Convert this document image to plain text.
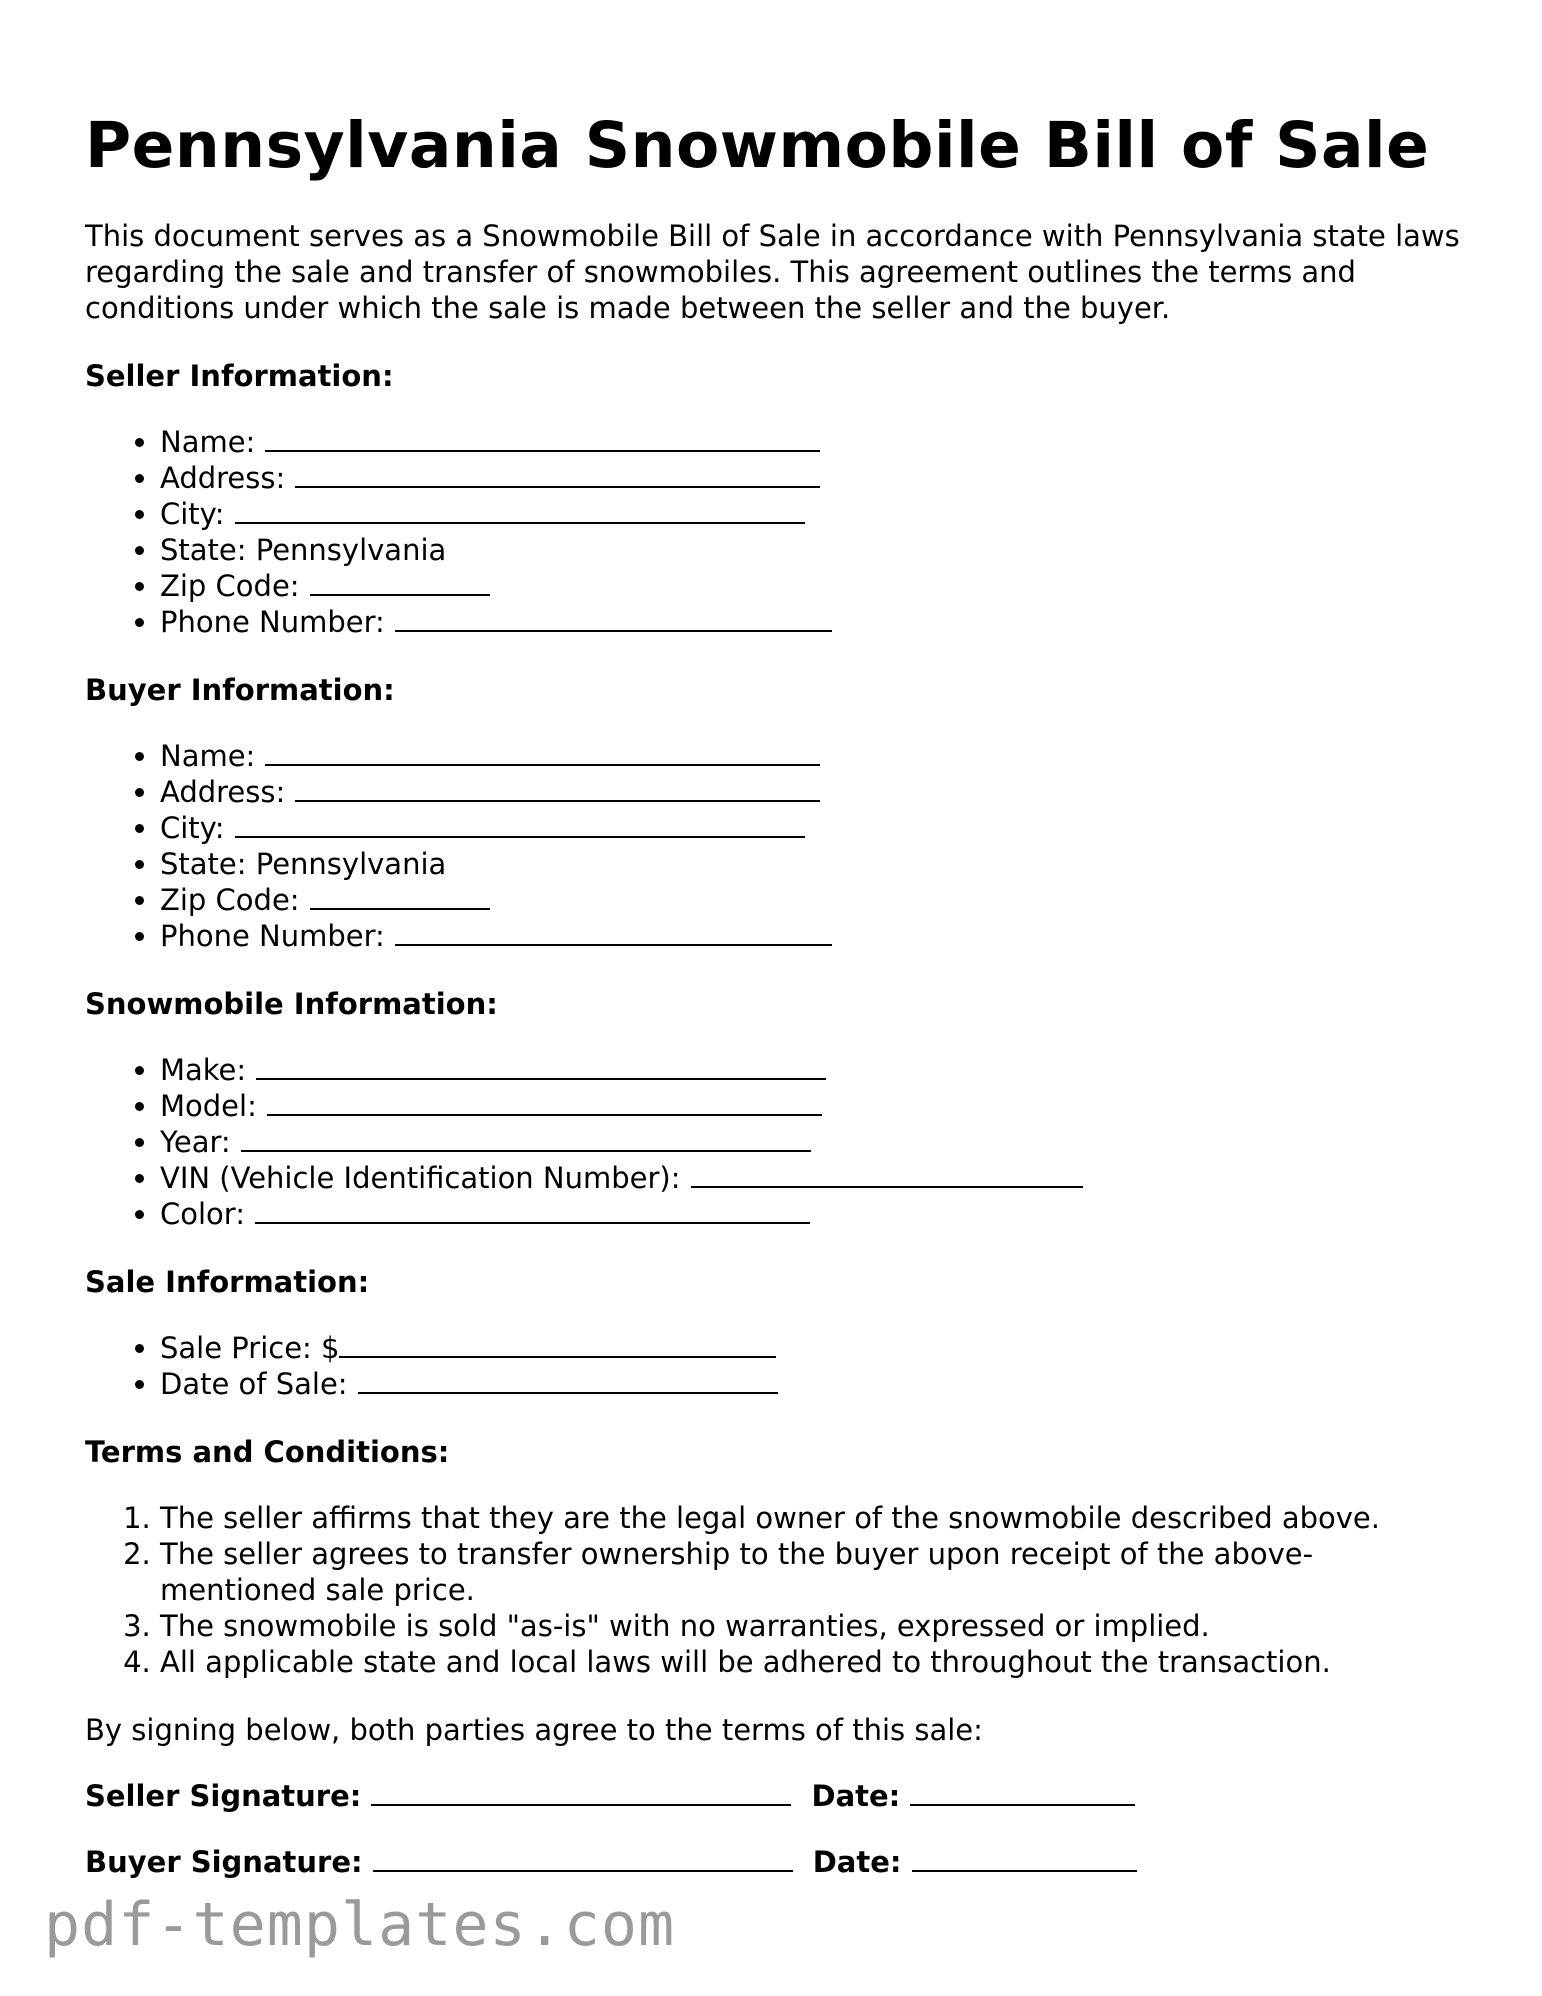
Pennsylvania Snowmobile Bill of Sale

This document serves as a Snowmobile Bill of Sale in accordance with Pennsylvania state laws regarding the sale and transfer of snowmobiles. This agreement outlines the terms and conditions under which the sale is made between the seller and the buyer.

Seller Information:
• Name:
• Address:
• City:
• State: Pennsylvania
• Zip Code:
• Phone Number:
Buyer Information:
• Name:
• Address:
• City:
• State: Pennsylvania
• Zip Code:
• Phone Number:
Snowmobile Information:
• Make:
• Model:
• Year:
• VIN (Vehicle Identification Number):
• Color:
Sale Information:
• Sale Price: $
• Date of Sale:
Terms and Conditions:
1. The seller affirms that they are the legal owner of the snowmobile described above.
2. The seller agrees to transfer ownership to the buyer upon receipt of the above-mentioned sale price.
3. The snowmobile is sold "as-is" with no warranties, expressed or implied.
4. All applicable state and local laws will be adhered to throughout the transaction.

By signing below, both parties agree to the terms of this sale:

Seller Signature:	Date:
Buyer Signature:	Date:
pdf-templates.com
